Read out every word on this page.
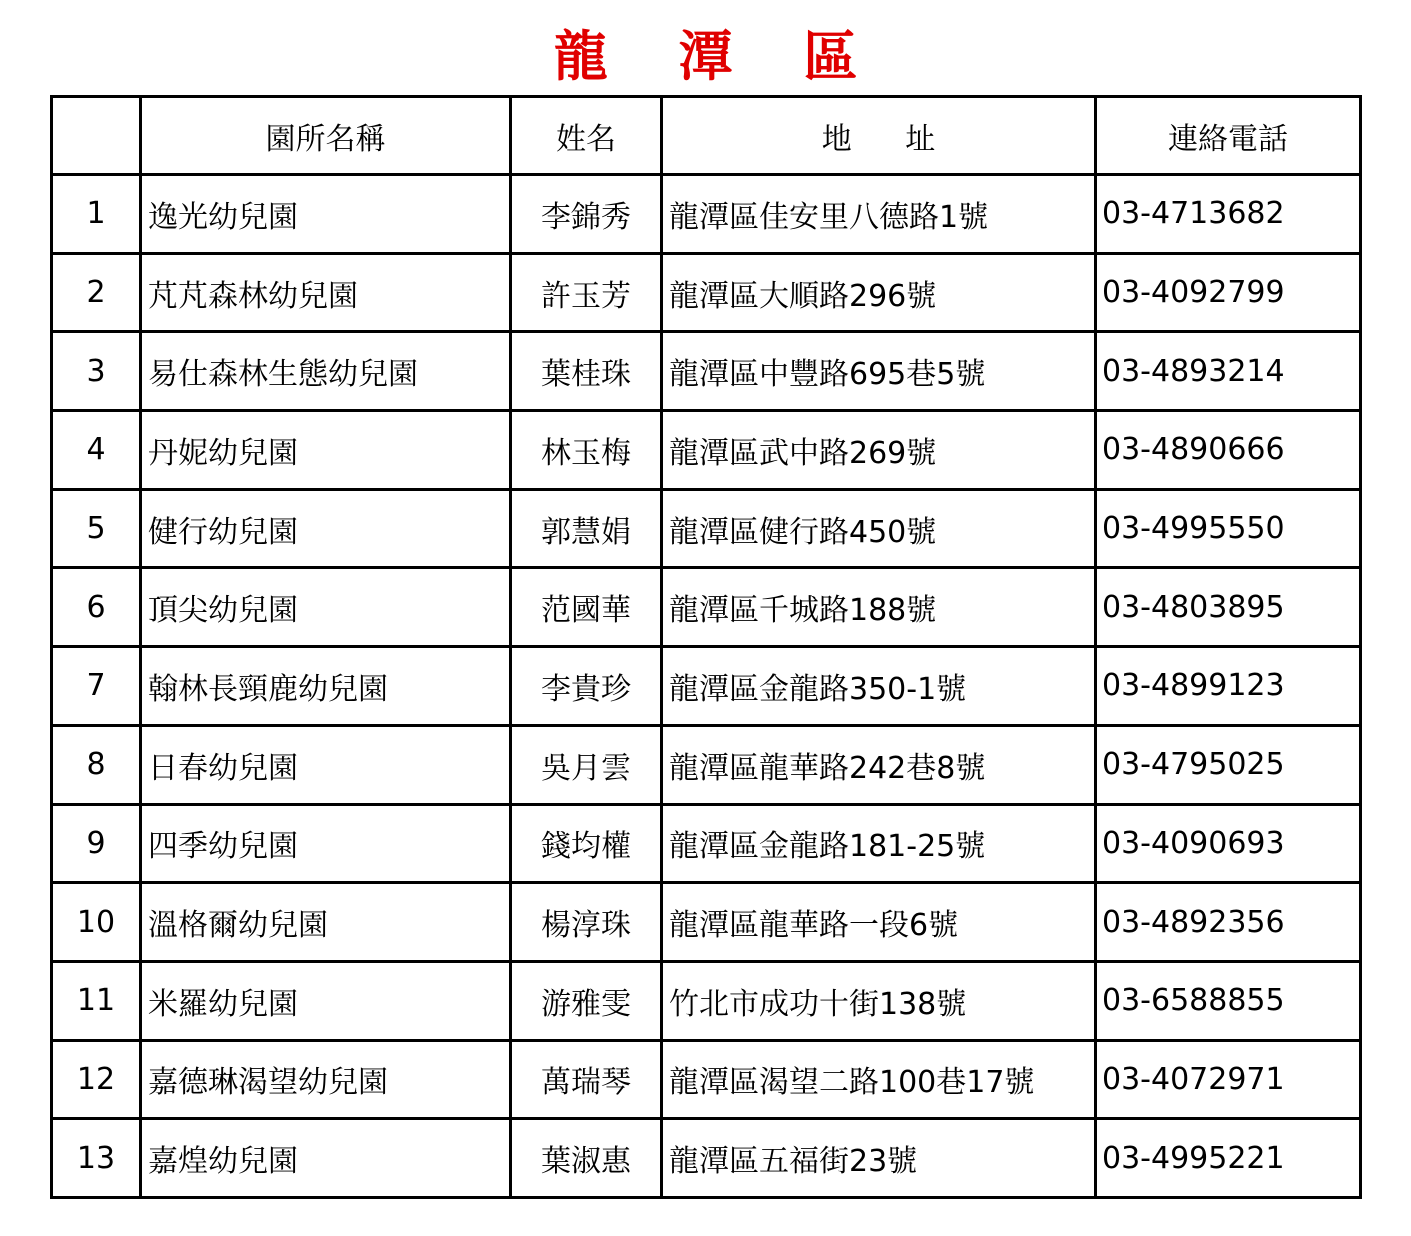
龍 潭 區
	園所名稱	姓名	地 址	連絡電話
1	逸光幼兒園	李錦秀	龍潭區佳安里八德路1號	03-4713682
2	芃芃森林幼兒園	許玉芳	龍潭區大順路296號	03-4092799
3	易仕森林生態幼兒園	葉桂珠	龍潭區中豐路695巷5號	03-4893214
4	丹妮幼兒園	林玉梅	龍潭區武中路269號	03-4890666
5	健行幼兒園	郭慧娟	龍潭區健行路450號	03-4995550
6	頂尖幼兒園	范國華	龍潭區千城路188號	03-4803895
7	翰林長頸鹿幼兒園	李貴珍	龍潭區金龍路350-1號	03-4899123
8	日春幼兒園	吳月雲	龍潭區龍華路242巷8號	03-4795025
9	四季幼兒園	錢均權	龍潭區金龍路181-25號	03-4090693
10	溫格爾幼兒園	楊淳珠	龍潭區龍華路一段6號	03-4892356
11	米羅幼兒園	游雅雯	竹北市成功十街138號	03-6588855
12	嘉德琳渴望幼兒園	萬瑞琴	龍潭區渴望二路100巷17號	03-4072971
13	嘉煌幼兒園	葉淑惠	龍潭區五福街23號	03-4995221
